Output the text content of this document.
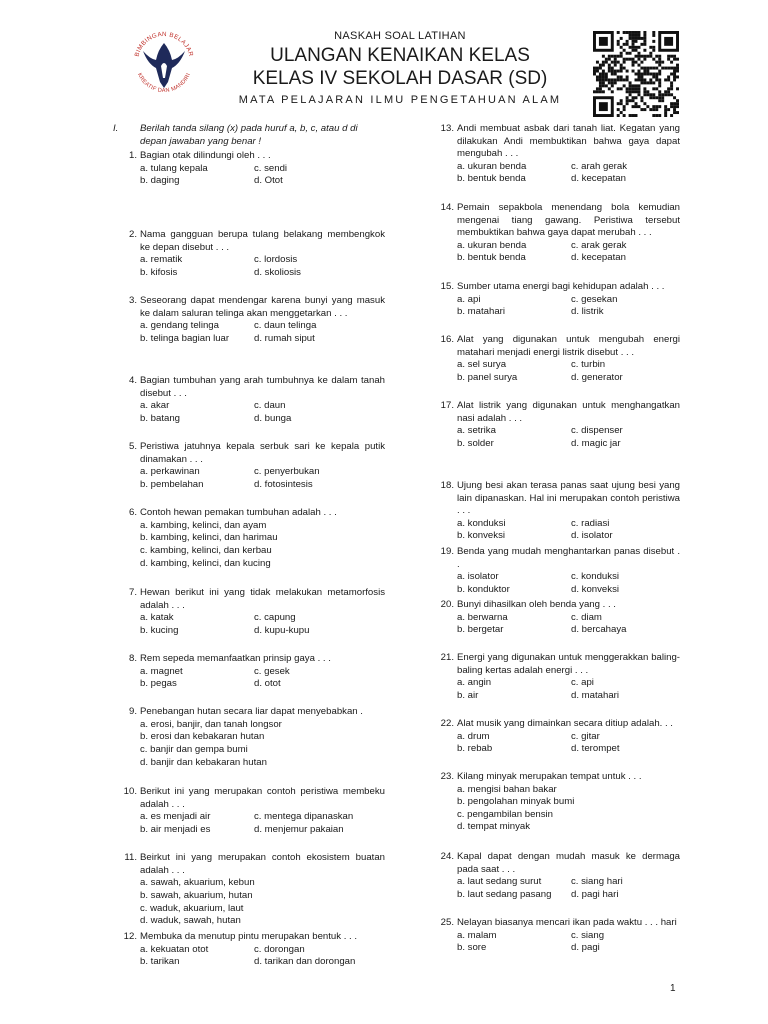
BIMBINGAN BELAJAR
KREATIF DAN MANDIRI
NASKAH SOAL LATIHAN
ULANGAN KENAIKAN KELAS
KELAS IV SEKOLAH DASAR (SD)
MATA PELAJARAN ILMU PENGETAHUAN ALAM
I. Berilah tanda silang (x) pada huruf a, b, c, atau d di depan jawaban yang benar !
1. Bagian otak dilindungi oleh . . .
a. tulang kepala	c. sendi
b. daging	d. Otot
2. Nama gangguan berupa tulang belakang membengkok ke depan disebut . . .
a. rematik	c. lordosis
b. kifosis	d. skoliosis
3. Seseorang dapat mendengar karena bunyi yang masuk ke dalam saluran telinga akan menggetarkan . . .
a. gendang telinga	c. daun telinga
b. telinga bagian luar	d. rumah siput
4. Bagian tumbuhan yang arah tumbuhnya ke dalam tanah disebut . . .
a. akar	c. daun
b. batang	d. bunga
5. Peristiwa jatuhnya kepala serbuk sari ke kepala putik dinamakan . . .
a. perkawinan	c. penyerbukan
b. pembelahan	d. fotosintesis
6. Contoh hewan pemakan tumbuhan adalah . . .
a. kambing, kelinci, dan ayam
b. kambing, kelinci, dan harimau
c. kambing, kelinci, dan kerbau
d. kambing, kelinci, dan kucing
7. Hewan berikut ini yang tidak melakukan metamorfosis adalah . . .
a. katak	c. capung
b. kucing	d. kupu-kupu
8. Rem sepeda memanfaatkan prinsip gaya . . .
a. magnet	c. gesek
b. pegas	d. otot
9. Penebangan hutan secara liar dapat menyebabkan .
a. erosi, banjir, dan tanah longsor
b. erosi dan kebakaran hutan
c. banjir dan gempa bumi
d. banjir dan kebakaran hutan
10. Berikut ini yang merupakan contoh peristiwa membeku adalah . . .
a. es menjadi air	c. mentega dipanaskan
b. air menjadi es	d. menjemur pakaian
11. Beirkut ini yang merupakan contoh ekosistem buatan adalah . . .
a. sawah, akuarium, kebun
b. sawah, akuarium, hutan
c. waduk, akuarium, laut
d. waduk, sawah, hutan
12. Membuka da menutup pintu merupakan bentuk . . .
a. kekuatan otot	c. dorongan
b. tarikan	d. tarikan dan dorongan
13. Andi membuat asbak dari tanah liat. Kegatan yang dilakukan Andi membuktikan bahwa gaya dapat mengubah . . .
a. ukuran benda	c. arah gerak
b. bentuk benda	d. kecepatan
14. Pemain sepakbola menendang bola kemudian mengenai tiang gawang. Peristiwa tersebut membuktikan bahwa gaya dapat merubah . . .
a. ukuran benda	c. arak gerak
b. bentuk benda	d. kecepatan
15. Sumber utama energi bagi kehidupan adalah . . .
a. api	c. gesekan
b. matahari	d. listrik
16. Alat yang digunakan untuk mengubah energi matahari menjadi energi listrik disebut . . .
a. sel surya	c. turbin
b. panel surya	d. generator
17. Alat listrik yang digunakan untuk menghangatkan nasi adalah . . .
a. setrika	c. dispenser
b. solder	d. magic jar
18. Ujung besi akan terasa panas saat ujung besi yang lain dipanaskan. Hal ini merupakan contoh peristiwa . . .
a. konduksi	c. radiasi
b. konveksi	d. isolator
19. Benda yang mudah menghantarkan panas disebut . .
a. isolator	c. konduksi
b. konduktor	d. konveksi
20. Bunyi dihasilkan oleh benda yang . . .
a. berwarna	c. diam
b. bergetar	d. bercahaya
21. Energi yang digunakan untuk menggerakkan baling-baling kertas adalah energi . . .
a. angin	c. api
b. air	d. matahari
22. Alat musik yang dimainkan secara ditiup adalah. . .
a. drum	c. gitar
b. rebab	d. terompet
23. Kilang minyak merupakan tempat untuk . . .
a. mengisi bahan bakar
b. pengolahan minyak bumi
c. pengambilan bensin
d. tempat minyak
24. Kapal dapat dengan mudah masuk ke dermaga pada saat . . .
a. laut sedang surut	c. siang hari
b. laut sedang pasang	d. pagi hari
25. Nelayan biasanya mencari ikan pada waktu . . . hari
a. malam	c. siang
b. sore	d. pagi
1
